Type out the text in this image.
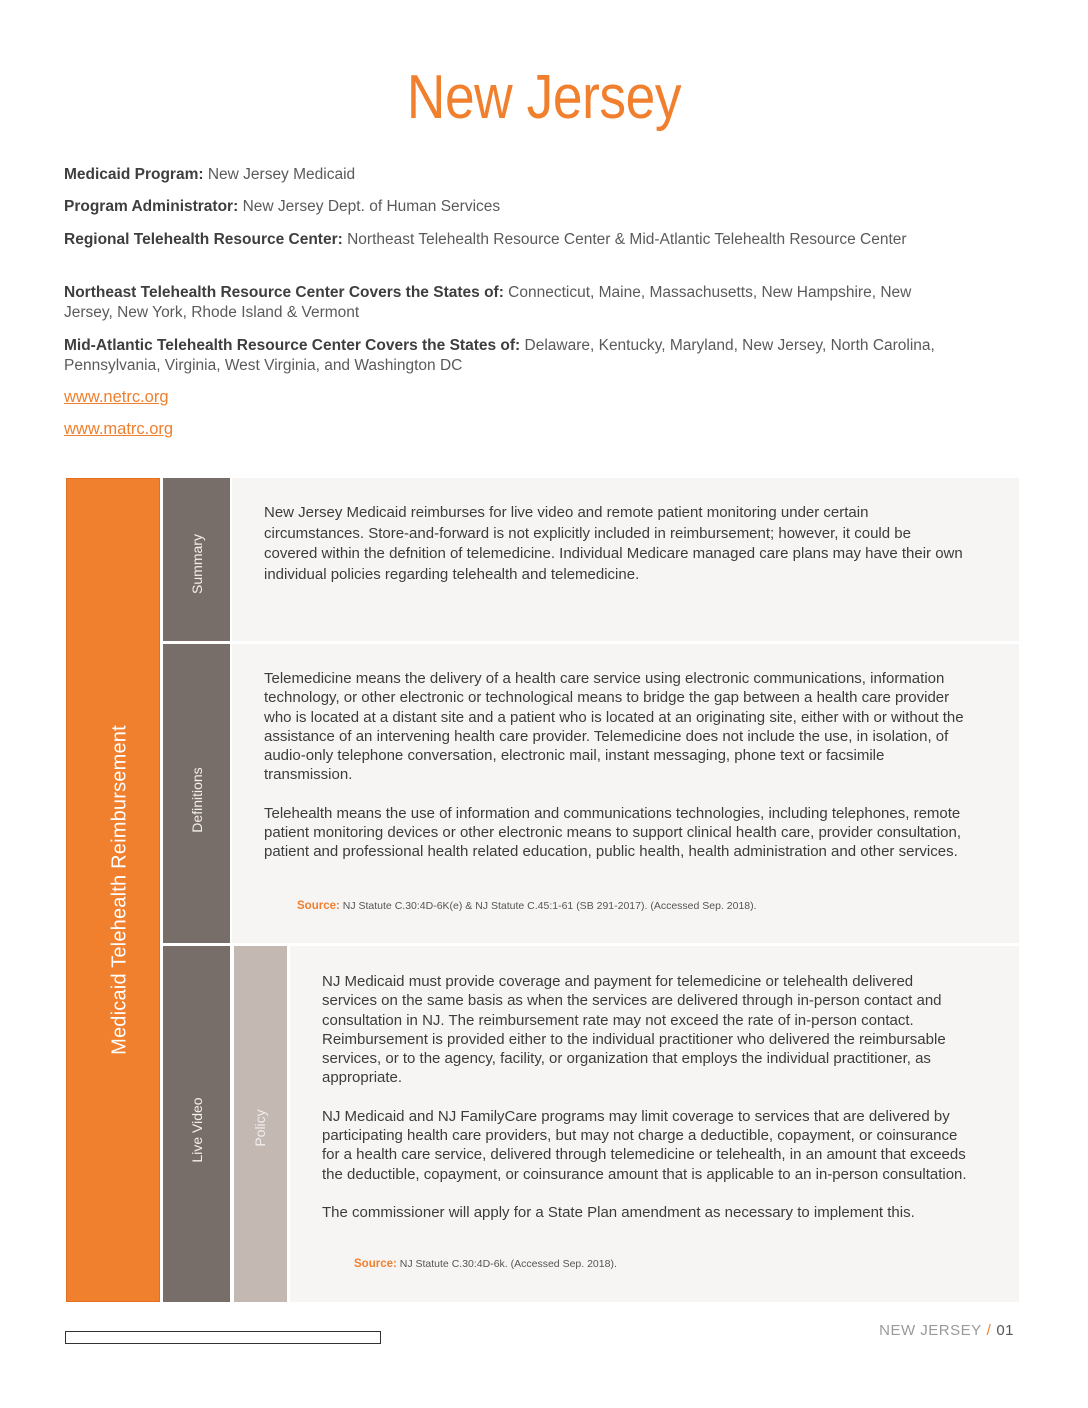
New Jersey
Medicaid Program: New Jersey Medicaid
Program Administrator: New Jersey Dept. of Human Services
Regional Telehealth Resource Center: Northeast Telehealth Resource Center & Mid-Atlantic Telehealth Resource Center
Northeast Telehealth Resource Center Covers the States of: Connecticut, Maine, Massachusetts, New Hampshire, New Jersey, New York, Rhode Island & Vermont
Mid-Atlantic Telehealth Resource Center Covers the States of: Delaware, Kentucky, Maryland, New Jersey, North Carolina, Pennsylvania, Virginia, West Virginia, and Washington DC
www.netrc.org
www.matrc.org
Medicaid Telehealth Reimbursement
Summary
New Jersey Medicaid reimburses for live video and remote patient monitoring under certain circumstances. Store-and-forward is not explicitly included in reimbursement; however, it could be covered within the defnition of telemedicine. Individual Medicare managed care plans may have their own individual policies regarding telehealth and telemedicine.
Definitions

Telemedicine means the delivery of a health care service using electronic communications, information technology, or other electronic or technological means to bridge the gap between a health care provider who is located at a distant site and a patient who is located at an originating site, either with or without the assistance of an intervening health care provider. Telemedicine does not include the use, in isolation, of audio-only telephone conversation, electronic mail, instant messaging, phone text or facsimile transmission.

Telehealth means the use of information and communications technologies, including telephones, remote patient monitoring devices or other electronic means to support clinical health care, provider consultation, patient and professional health related education, public health, health administration and other services.

Source: NJ Statute C.30:4D-6K(e) & NJ Statute C.45:1-61 (SB 291-2017). (Accessed Sep. 2018).
Live Video	Policy

NJ Medicaid must provide coverage and payment for telemedicine or telehealth delivered services on the same basis as when the services are delivered through in-person contact and consultation in NJ. The reimbursement rate may not exceed the rate of in-person contact. Reimbursement is provided either to the individual practitioner who delivered the reimbursable services, or to the agency, facility, or organization that employs the individual practitioner, as appropriate.

NJ Medicaid and NJ FamilyCare programs may limit coverage to services that are delivered by participating health care providers, but may not charge a deductible, copayment, or coinsurance for a health care service, delivered through telemedicine or telehealth, in an amount that exceeds the deductible, copayment, or coinsurance amount that is applicable to an in-person consultation.

The commissioner will apply for a State Plan amendment as necessary to implement this.

Source: NJ Statute C.30:4D-6k. (Accessed Sep. 2018).
NEW JERSEY / 01
